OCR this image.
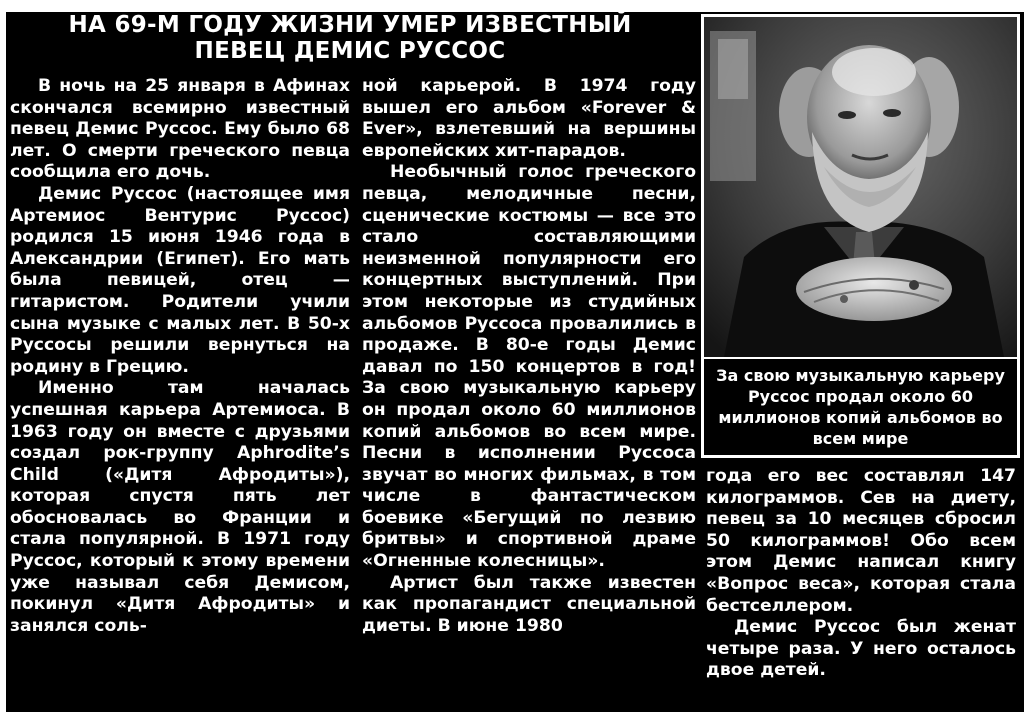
НА 69-М ГОДУ ЖИЗНИ УМЕР ИЗВЕСТНЫЙ
ПЕВЕЦ ДЕМИС РУССОС

В ночь на 25 января в Афинах скончался всемирно известный певец Демис Руссос. Ему было 68 лет. О смерти греческого певца сообщила его дочь.

Демис Руссос (настоящее имя Артемиос Вентурис Руссос) родился 15 июня 1946 года в Александрии (Египет). Его мать была певицей, отец — гитаристом. Родители учили сына музыке с малых лет. В 50-х Руссосы решили вернуться на родину в Грецию.

Именно там началась успешная карьера Артемиоса. В 1963 году он вместе с друзьями создал рок-группу Aphrodite’s Child («Дитя Афродиты»), которая спустя пять лет обосновалась во Франции и стала популярной. В 1971 году Руссос, который к этому времени уже называл себя Демисом, покинул «Дитя Афродиты» и занялся соль-

ной карьерой. В 1974 году вышел его альбом «Forever & Ever», взлетевший на вершины европейских хит-парадов.

Необычный голос греческого певца, мелодичные песни, сценические костюмы — все это стало составляющими неизменной популярности его концертных выступлений. При этом некоторые из студийных альбомов Руссоса провалились в продаже. В 80-е годы Демис давал по 150 концертов в год! За свою музыкальную карьеру он продал около 60 миллионов копий альбомов во всем мире. Песни в исполнении Руссоса звучат во многих фильмах, в том числе в фантастическом боевике «Бегущий по лезвию бритвы» и спортивной драме «Огненные колесницы».

Артист был также известен как пропагандист специальной диеты. В июне 1980

За свою музыкальную карьеру Руссос продал около 60 миллионов копий альбомов во всем мире

года его вес составлял 147 килограммов. Сев на диету, певец за 10 месяцев сбросил 50 килограммов! Обо всем этом Демис написал книгу «Вопрос веса», которая стала бестселлером.

Демис Руссос был женат четыре раза. У него осталось двое детей.
